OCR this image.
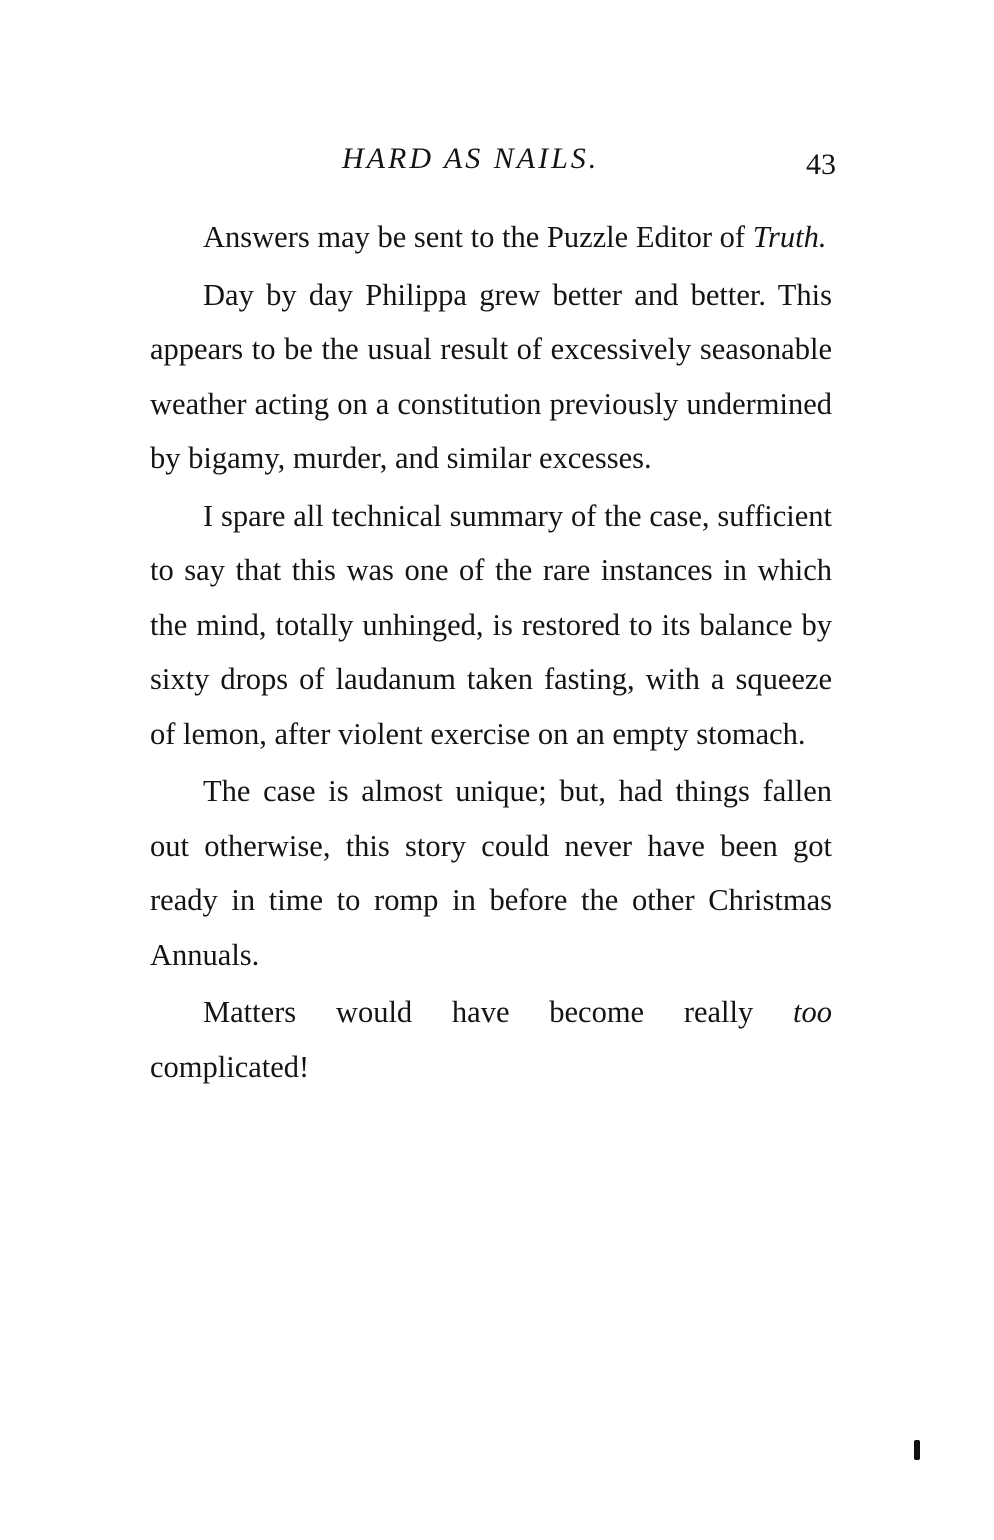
HARD AS NAILS.	43

Answers may be sent to the Puzzle Editor of Truth.

Day by day Philippa grew better and better. This appears to be the usual result of excessively seasonable weather acting on a constitution previously undermined by bigamy, murder, and similar excesses.

I spare all technical summary of the case, sufficient to say that this was one of the rare instances in which the mind, totally unhinged, is restored to its balance by sixty drops of laudanum taken fasting, with a squeeze of lemon, after violent exercise on an empty stomach.

The case is almost unique; but, had things fallen out otherwise, this story could never have been got ready in time to romp in before the other Christmas Annuals.

Matters would have become really too complicated!
